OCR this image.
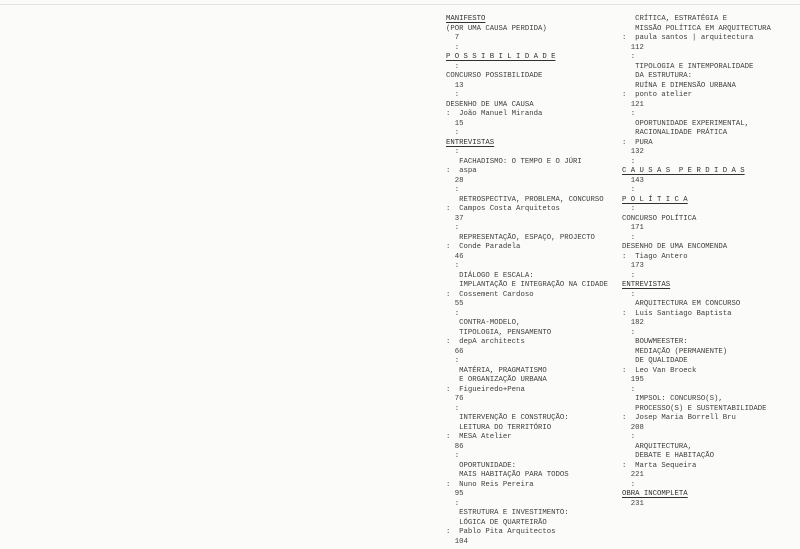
MANIFESTO
(POR UMA CAUSA PERDIDA)
7
:
P O S S I B I L I D A D E
:
CONCURSO POSSIBILIDADE
13
:
DESENHO DE UMA CAUSA
:  João Manuel Miranda
15
:
ENTREVISTAS
:
FACHADISMO: O TEMPO E O JÚRI
:  aspa
28
:
RETROSPECTIVA, PROBLEMA, CONCURSO
:  Campos Costa Arquitetos
37
:
REPRESENTAÇÃO, ESPAÇO, PROJECTO
:  Conde Paradela
46
:
DIÁLOGO E ESCALA:
IMPLANTAÇÃO E INTEGRAÇÃO NA CIDADE
:  Cossement Cardoso
55
:
CONTRA-MODELO,
TIPOLOGIA, PENSAMENTO
:  depA architects
66
:
MATÉRIA, PRAGMATISMO
E ORGANIZAÇÃO URBANA
:  Figueiredo+Pena
76
:
INTERVENÇÃO E CONSTRUÇÃO:
LEITURA DO TERRITÓRIO
:  MESA Atelier
86
:
OPORTUNIDADE:
MAIS HABITAÇÃO PARA TODOS
:  Nuno Reis Pereira
95
:
ESTRUTURA E INVESTIMENTO:
LÓGICA DE QUARTEIRÃO
:  Pablo Pita Arquitectos
104
CRÍTICA, ESTRATÉGIA E
MISSÃO POLÍTICA EM ARQUITECTURA
:  paula santos | arquitectura
112
:
TIPOLOGIA E INTEMPORALIDADE
DA ESTRUTURA:
RUÍNA E DIMENSÃO URBANA
:  ponto atelier
121
:
OPORTUNIDADE EXPERIMENTAL,
RACIONALIDADE PRÁTICA
:  PURA
132
:
C A U S A S  P E R D I D A S
143
:
P O L Í T I C A
:
CONCURSO POLÍTICA
171
:
DESENHO DE UMA ENCOMENDA
:  Tiago Antero
173
:
ENTREVISTAS
:
ARQUITECTURA EM CONCURSO
:  Luís Santiago Baptista
182
:
BOUWMEESTER:
MEDIAÇÃO (PERMANENTE)
DE QUALIDADE
:  Leo Van Broeck
195
:
IMPSOL: CONCURSO(S),
PROCESSO(S) E SUSTENTABILIDADE
:  Josep Maria Borrell Bru
208
:
ARQUITECTURA,
DEBATE E HABITAÇÃO
:  Marta Sequeira
221
:
OBRA INCOMPLETA
231
